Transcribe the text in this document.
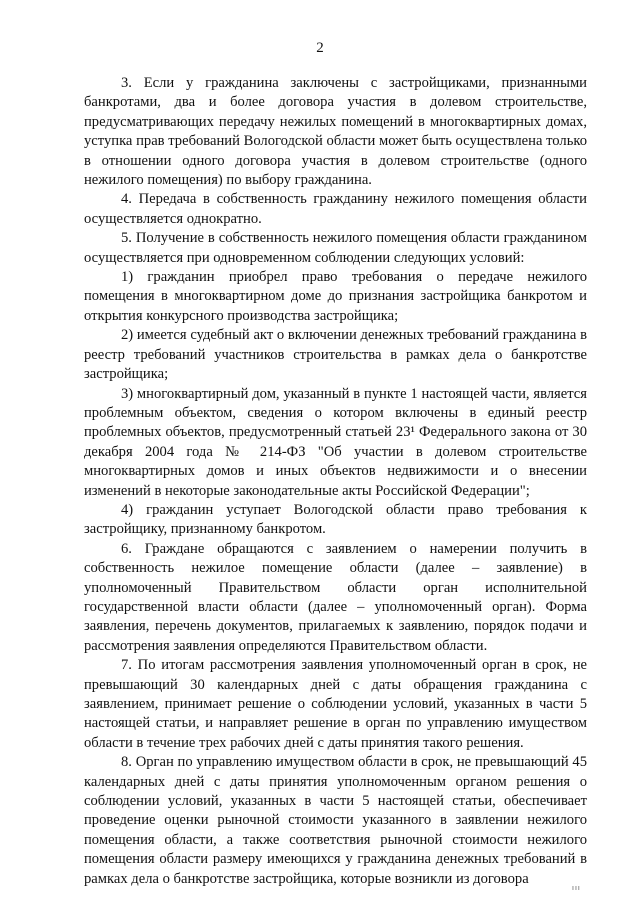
2

3. Если у гражданина заключены с застройщиками, признанными банкротами, два и более договора участия в долевом строительстве, предусматривающих передачу нежилых помещений в многоквартирных домах, уступка прав требований Вологодской области может быть осуществлена только в отношении одного договора участия в долевом строительстве (одного нежилого помещения) по выбору гражданина.

4. Передача в собственность гражданину нежилого помещения области осуществляется однократно.

5. Получение в собственность нежилого помещения области гражданином осуществляется при одновременном соблюдении следующих условий:

1) гражданин приобрел право требования о передаче нежилого помещения в многоквартирном доме до признания застройщика банкротом и открытия конкурсного производства застройщика;

2) имеется судебный акт о включении денежных требований гражданина в реестр требований участников строительства в рамках дела о банкротстве застройщика;

3) многоквартирный дом, указанный в пункте 1 настоящей части, является проблемным объектом, сведения о котором включены в единый реестр проблемных объектов, предусмотренный статьей 23¹ Федерального закона от 30 декабря 2004 года № 214-ФЗ "Об участии в долевом строительстве многоквартирных домов и иных объектов недвижимости и о внесении изменений в некоторые законодательные акты Российской Федерации";

4) гражданин уступает Вологодской области право требования к застройщику, признанному банкротом.

6. Граждане обращаются с заявлением о намерении получить в собственность нежилое помещение области (далее – заявление) в уполномоченный Правительством области орган исполнительной государственной власти области (далее – уполномоченный орган). Форма заявления, перечень документов, прилагаемых к заявлению, порядок подачи и рассмотрения заявления определяются Правительством области.

7. По итогам рассмотрения заявления уполномоченный орган в срок, не превышающий 30 календарных дней с даты обращения гражданина с заявлением, принимает решение о соблюдении условий, указанных в части 5 настоящей статьи, и направляет решение в орган по управлению имуществом области в течение трех рабочих дней с даты принятия такого решения.

8. Орган по управлению имуществом области в срок, не превышающий 45 календарных дней с даты принятия уполномоченным органом решения о соблюдении условий, указанных в части 5 настоящей статьи, обеспечивает проведение оценки рыночной стоимости указанного в заявлении нежилого помещения области, а также соответствия рыночной стоимости нежилого помещения области размеру имеющихся у гражданина денежных требований в рамках дела о банкротстве застройщика, которые возникли из договора

ııı
